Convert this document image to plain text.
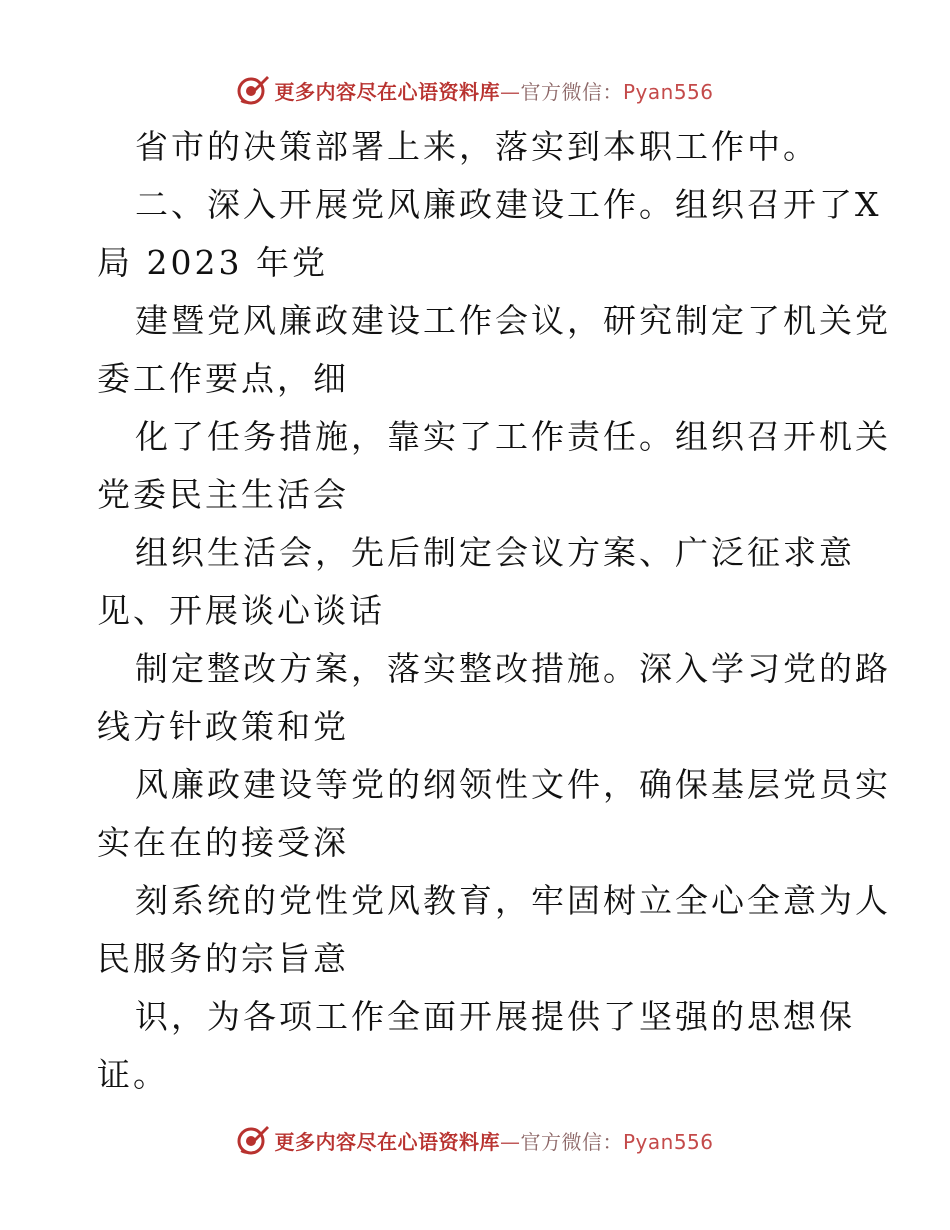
更多内容尽在心语资料库—官方微信：Pyan556
省市的决策部署上来，落实到本职工作中。
二、深入开展党风廉政建设工作。组织召开了X
局 2023 年党
建暨党风廉政建设工作会议，研究制定了机关党
委工作要点，细
化了任务措施，靠实了工作责任。组织召开机关
党委民主生活会
组织生活会，先后制定会议方案、广泛征求意
见、开展谈心谈话
制定整改方案，落实整改措施。深入学习党的路
线方针政策和党
风廉政建设等党的纲领性文件，确保基层党员实
实在在的接受深
刻系统的党性党风教育，牢固树立全心全意为人
民服务的宗旨意
识，为各项工作全面开展提供了坚强的思想保
证。
更多内容尽在心语资料库—官方微信：Pyan556
